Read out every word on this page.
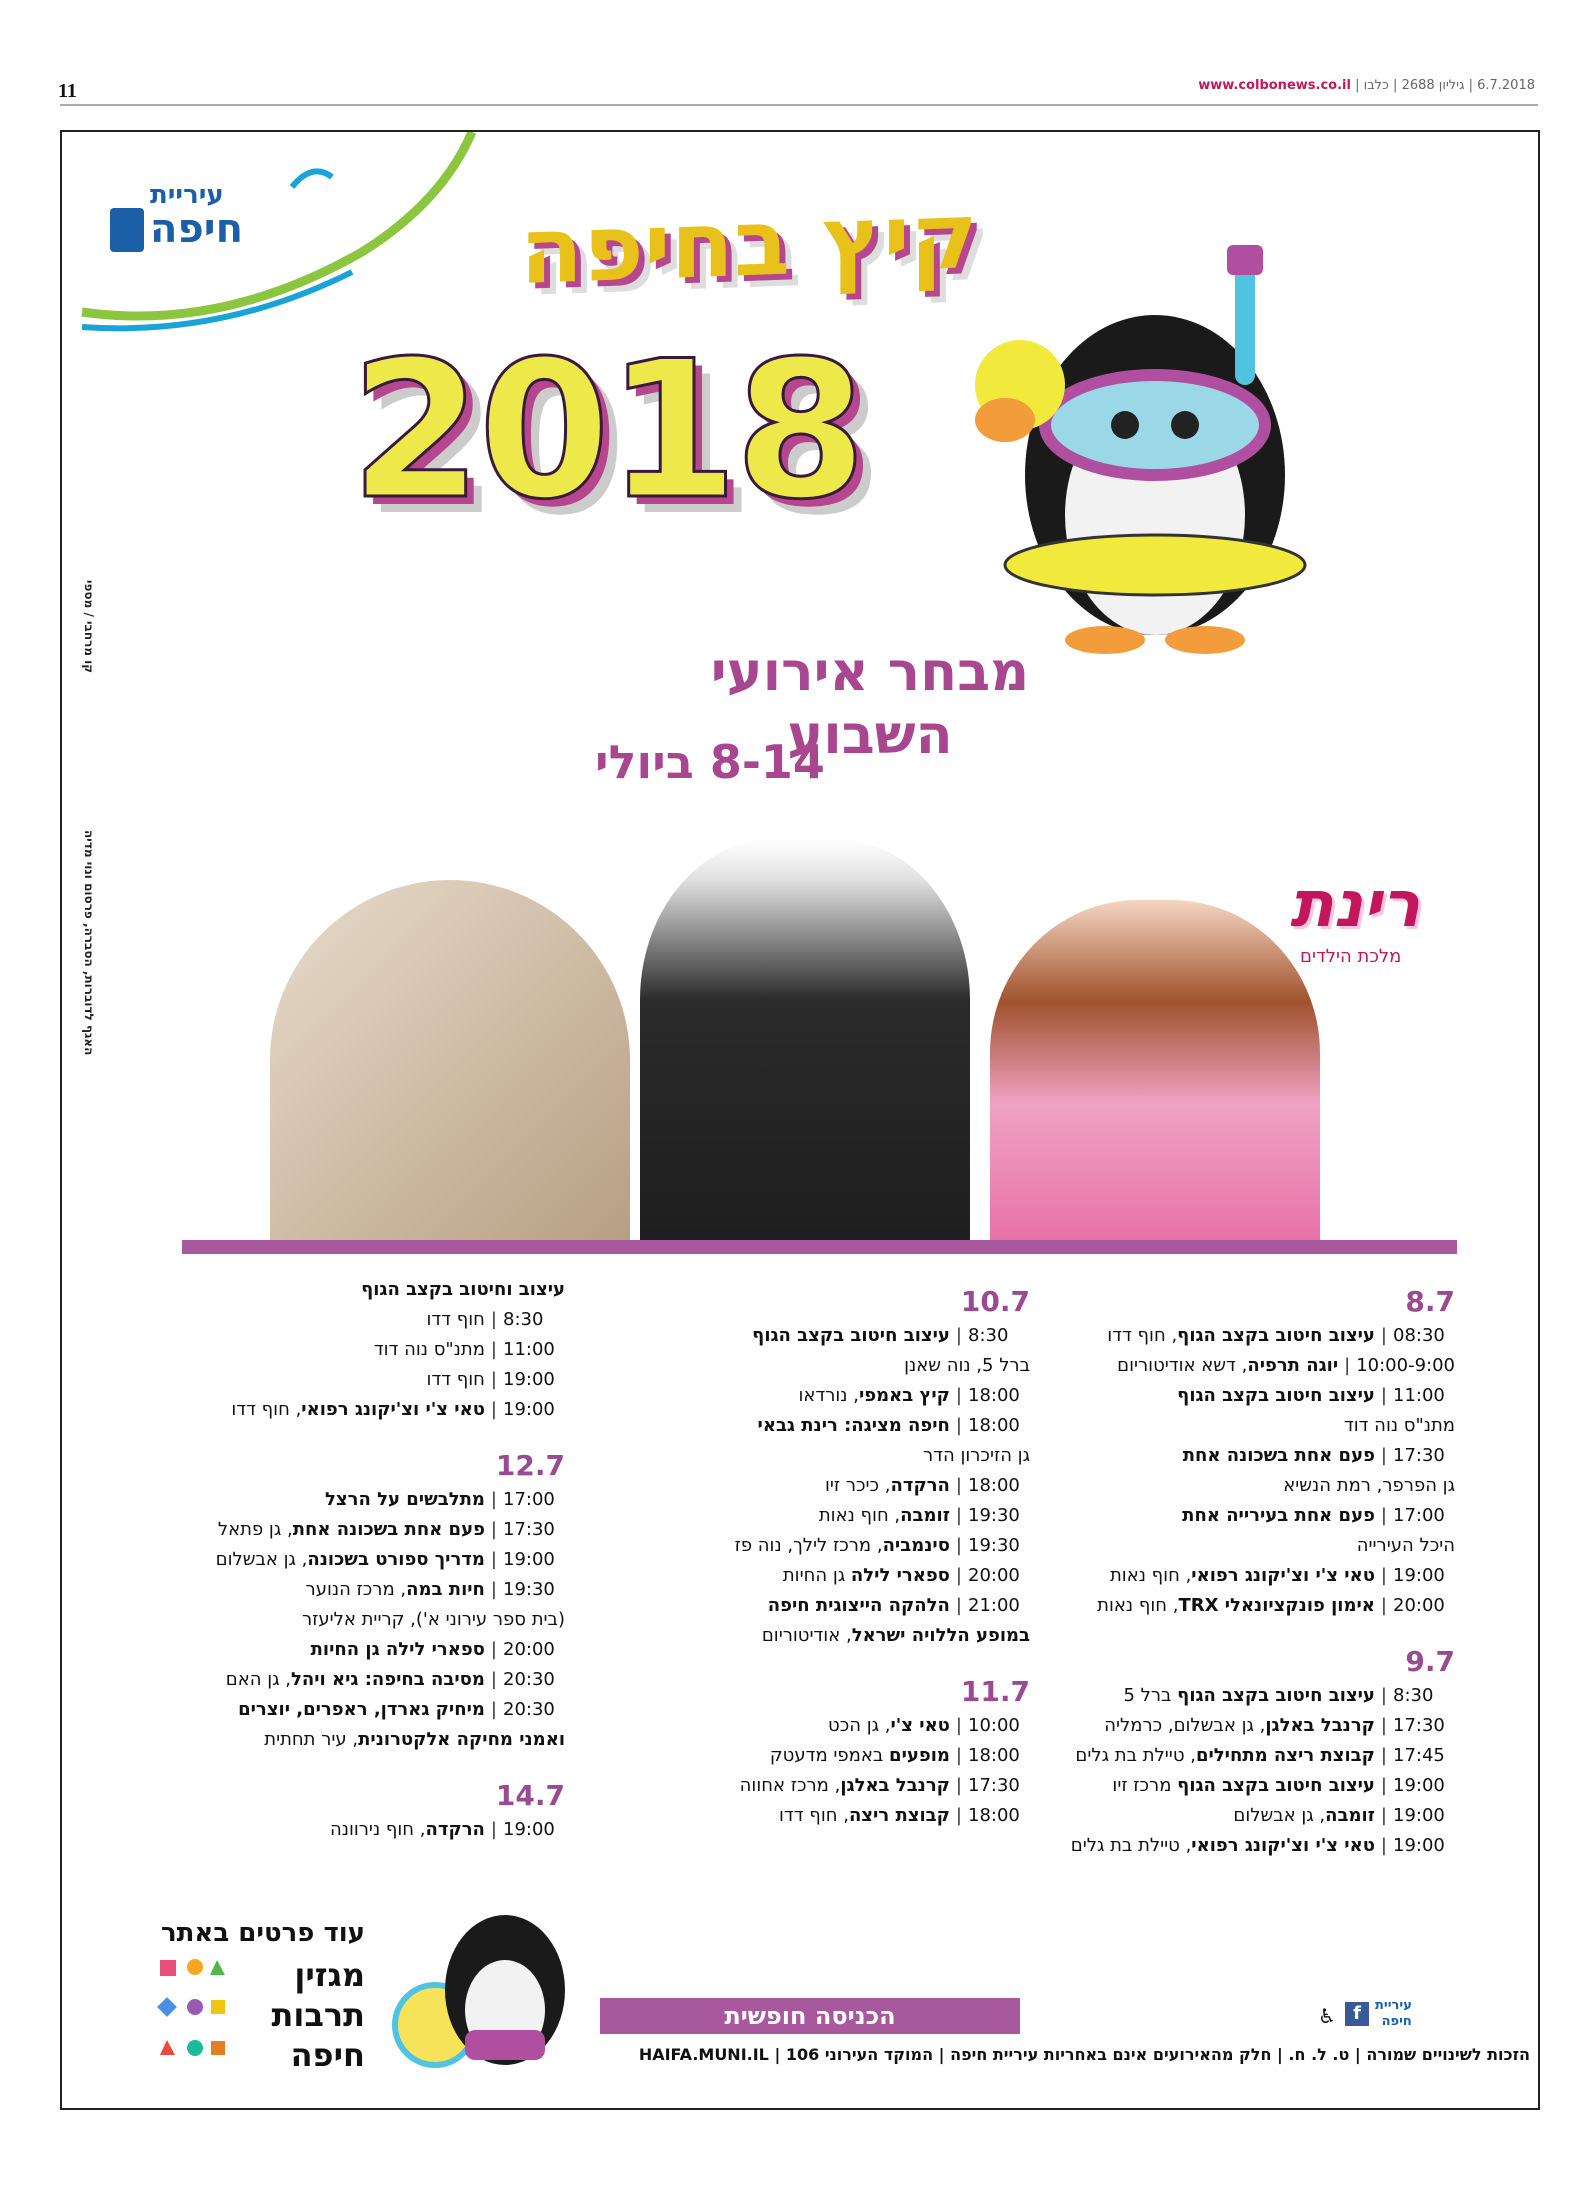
11	6.7.2018 | גיליון 2688 | כלבו | www.colbonews.co.il
קו מרחבי / מספי
האגף לדוברות, הסברה, פרסום ונוי מדיה
עיריית
חיפה	קיץ בחיפה
2018
מבחר אירועי השבוע
8-14 ביולי
רינת
מלכת הילדים
8.7
08:30|עיצוב חיטוב בקצב הגוף, חוף דדו
10:00-9:00|יוגה תרפיה, דשא אודיטוריום
11:00|עיצוב חיטוב בקצב הגוף
מתנ"ס נוה דוד
17:30|פעם אחת בשכונה אחת
גן הפרפר, רמת הנשיא
17:00|פעם אחת בעירייה אחת
היכל העירייה
19:00|טאי צ'י וצ'יקונג רפואי, חוף נאות
20:00|אימון פונקציונאלי TRX, חוף נאות
9.7
8:30|עיצוב חיטוב בקצב הגוף ברל 5
17:30|קרנבל באלגן, גן אבשלום, כרמליה
17:45|קבוצת ריצה מתחילים, טיילת בת גלים
19:00|עיצוב חיטוב בקצב הגוף מרכז זיו
19:00|זומבה, גן אבשלום
19:00|טאי צ'י וצ'יקונג רפואי, טיילת בת גלים
10.7
8:30|עיצוב חיטוב בקצב הגוף
ברל 5, נוה שאנן
18:00|קיץ באמפי, נורדאו
18:00|חיפה מציגה: רינת גבאי
גן הזיכרון הדר
18:00|הרקדה, כיכר זיו
19:30|זומבה, חוף נאות
19:30|סינמביה, מרכז לילך, נוה פז
20:00|ספארי לילה גן החיות
21:00|הלהקה הייצוגית חיפה
במופע הללויה ישראל, אודיטוריום
11.7
10:00|טאי צ'י, גן הכט
18:00|מופעים באמפי מדעטק
17:30|קרנבל באלגן, מרכז אחווה
18:00|קבוצת ריצה, חוף דדו
עיצוב וחיטוב בקצב הגוף
8:30|חוף דדו
11:00|מתנ"ס נוה דוד
19:00|חוף דדו
19:00|טאי צ'י וצ'יקונג רפואי, חוף דדו
12.7
17:00|מתלבשים על הרצל
17:30|פעם אחת בשכונה אחת, גן פתאל
19:00|מדריך ספורט בשכונה, גן אבשלום
19:30|חיות במה, מרכז הנוער
(בית ספר עירוני א'), קריית אליעזר
20:00|ספארי לילה גן החיות
20:30|מסיבה בחיפה: גיא ויהל, גן האם
20:30|מיחיק גארדן, ראפרים, יוצרים
ואמני מחיקה אלקטרונית, עיר תחתית
14.7
19:00|הרקדה, חוף נירוונה
עוד פרטים באתר
מגזין
תרבות
חיפה
הכניסה חופשית
הזכות לשינויים שמורה | ט. ל. ח. | חלק מהאירועים אינם באחריות עיריית חיפה | המוקד העירוני 106 | HAIFA.MUNI.IL
f
♿	עיריית
חיפה
